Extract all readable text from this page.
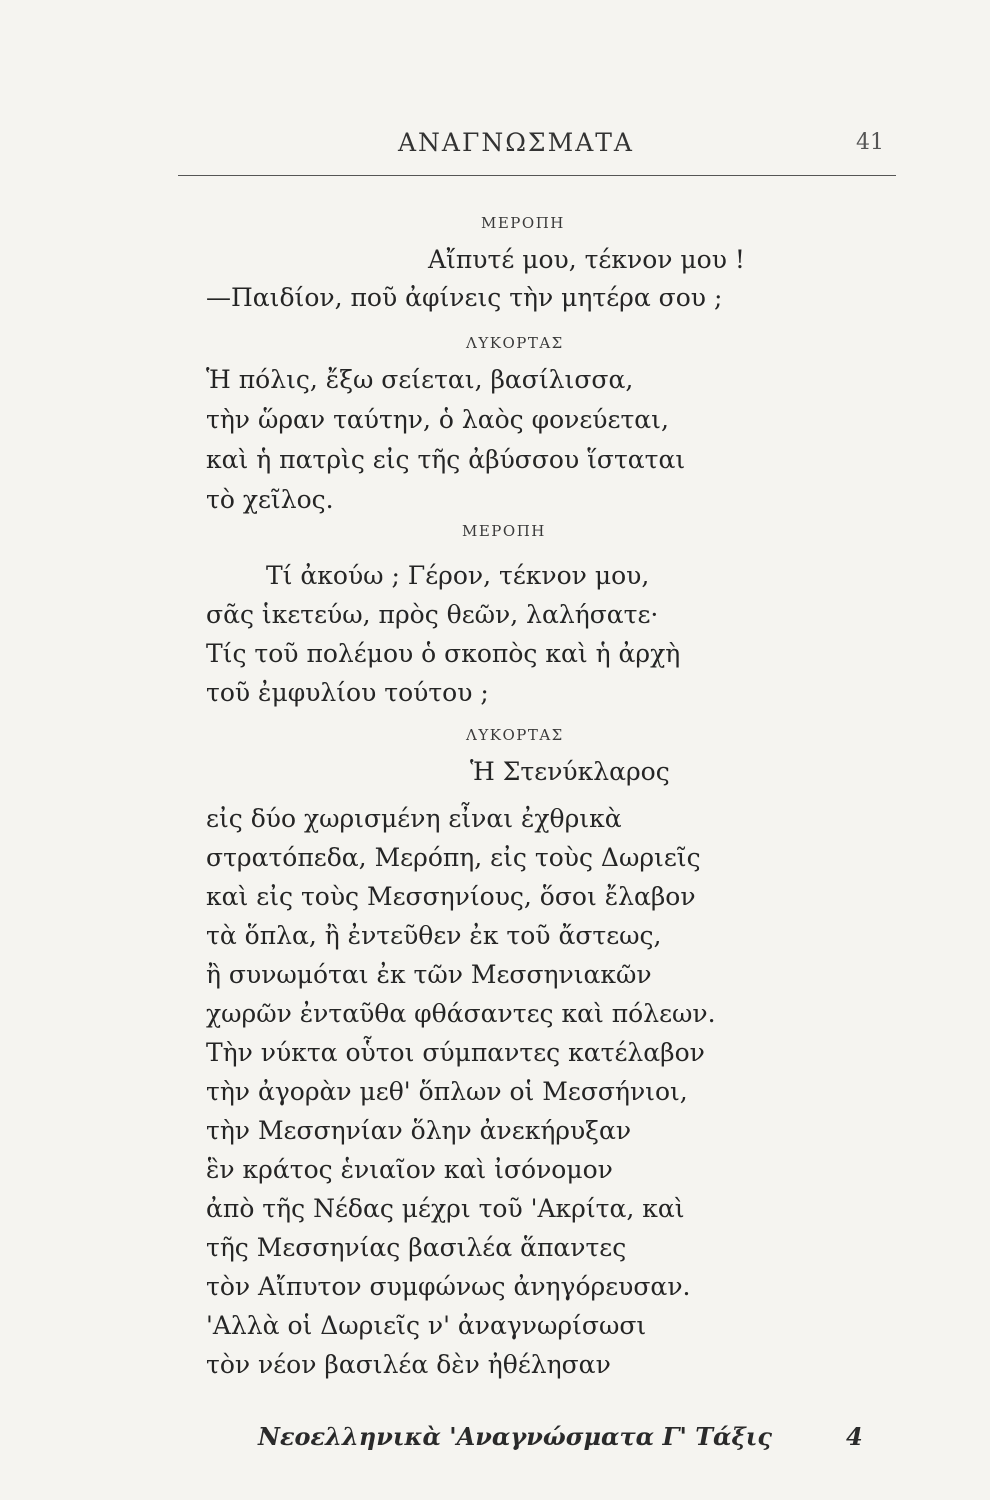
ΑΝΑΓΝΩΣΜΑΤΑ	41
ΜΕΡΟΠΗ
Αἴπυτέ μου, τέκνον μου !
—Παιδίον, ποῦ ἀφίνεις τὴν μητέρα σου ;
ΛΥΚΟΡΤΑΣ
Ἡ πόλις, ἔξω σείεται, βασίλισσα,
τὴν ὥραν ταύτην, ὁ λαὸς φονεύεται,
καὶ ἡ πατρὶς εἰς τῆς ἀβύσσου ἵσταται
τὸ χεῖλος.
ΜΕΡΟΠΗ
Τί ἀκούω ; Γέρον, τέκνον μου,
σᾶς ἱκετεύω, πρὸς θεῶν, λαλήσατε·
Τίς τοῦ πολέμου ὁ σκοπὸς καὶ ἡ ἀρχὴ
τοῦ ἐμφυλίου τούτου ;
ΛΥΚΟΡΤΑΣ
Ἡ Στενύκλαρος
εἰς δύο χωρισμένη εἶναι ἐχθρικὰ
στρατόπεδα, Μερόπη, εἰς τοὺς Δωριεῖς
καὶ εἰς τοὺς Μεσσηνίους, ὅσοι ἔλαβον
τὰ ὅπλα, ἢ ἐντεῦθεν ἐκ τοῦ ἄστεως,
ἢ συνωμόται ἐκ τῶν Μεσσηνιακῶν
χωρῶν ἐνταῦθα φθάσαντες καὶ πόλεων.
Τὴν νύκτα οὗτοι σύμπαντες κατέλαβον
τὴν ἀγορὰν μεθ' ὅπλων οἱ Μεσσήνιοι,
τὴν Μεσσηνίαν ὅλην ἀνεκήρυξαν
ἓν κράτος ἑνιαῖον καὶ ἰσόνομον
ἀπὸ τῆς Νέδας μέχρι τοῦ 'Ακρίτα, καὶ
τῆς Μεσσηνίας βασιλέα ἅπαντες
τὸν Αἴπυτον συμφώνως ἀνηγόρευσαν.
'Αλλὰ οἱ Δωριεῖς ν' ἀναγνωρίσωσι
τὸν νέον βασιλέα δὲν ἠθέλησαν
Νεοελληνικὰ 'Αναγνώσματα Γ' Τάξις	4
